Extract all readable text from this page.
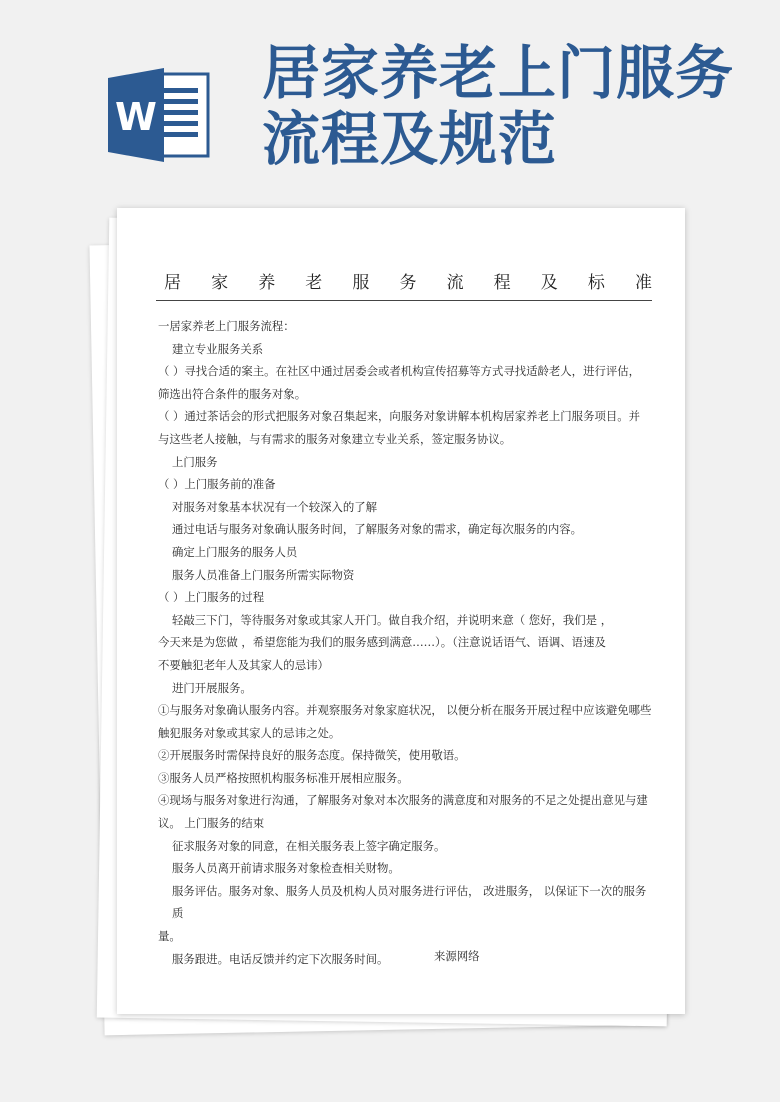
W
居家养老上门服务
流程及规范
居 家 养 老 服 务 流 程 及 标 准

一居家养老上门服务流程：

建立专业服务关系

（ ）寻找合适的案主。在社区中通过居委会或者机构宣传招募等方式寻找适龄老人，进行评估，

筛选出符合条件的服务对象。

（ ）通过茶话会的形式把服务对象召集起来，向服务对象讲解本机构居家养老上门服务项目。并

与这些老人接触，与有需求的服务对象建立专业关系，签定服务协议。

上门服务

（ ）上门服务前的准备

对服务对象基本状况有一个较深入的了解

通过电话与服务对象确认服务时间，了解服务对象的需求，确定每次服务的内容。

确定上门服务的服务人员

服务人员准备上门服务所需实际物资

（ ）上门服务的过程

轻敲三下门，等待服务对象或其家人开门。做自我介绍，并说明来意（ 您好，我们是 ，

今天来是为您做 ，希望您能为我们的服务感到满意……）。（注意说话语气、语调、语速及

不要触犯老年人及其家人的忌讳）

进门开展服务。

①与服务对象确认服务内容。并观察服务对象家庭状况， 以便分析在服务开展过程中应该避免哪些

触犯服务对象或其家人的忌讳之处。

②开展服务时需保持良好的服务态度。保持微笑，使用敬语。

③服务人员严格按照机构服务标准开展相应服务。

④现场与服务对象进行沟通，了解服务对象对本次服务的满意度和对服务的不足之处提出意见与建

议。 上门服务的结束

征求服务对象的同意，在相关服务表上签字确定服务。

服务人员离开前请求服务对象检查相关财物。

服务评估。服务对象、服务人员及机构人员对服务进行评估， 改进服务， 以保证下一次的服务质

量。

服务跟进。电话反馈并约定下次服务时间。	来源网络
